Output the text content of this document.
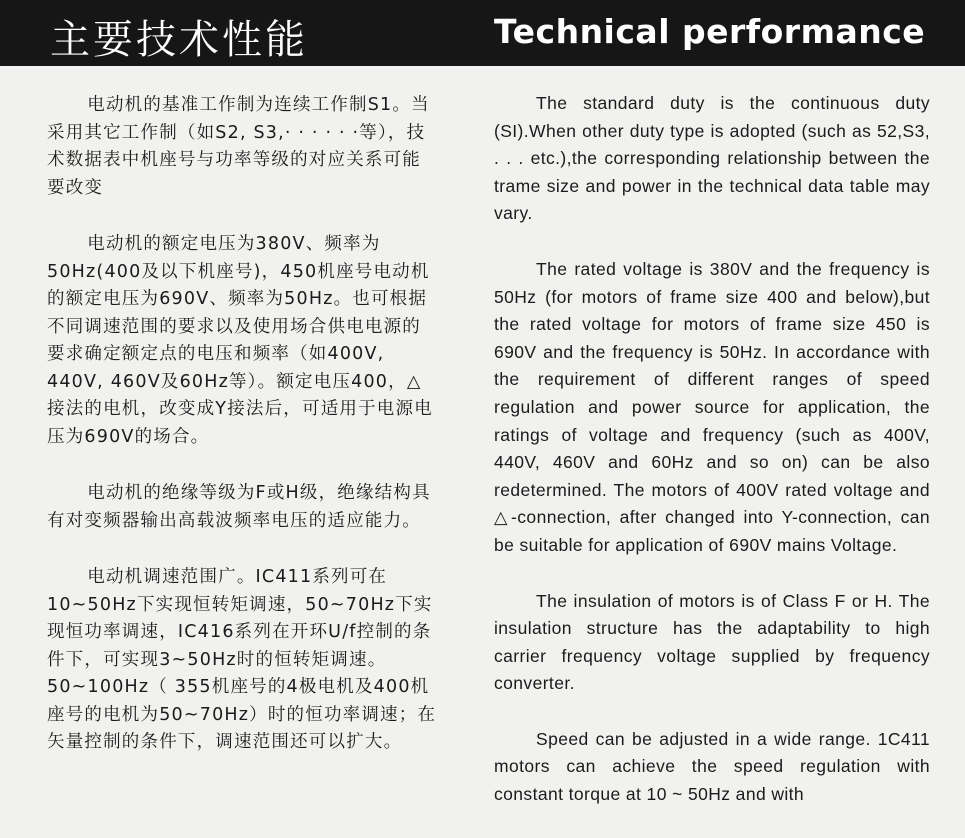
主要技术性能	Technical performance

电动机的基准工作制为连续工作制S1。当采用其它工作制（如S2, S3,· · · · · ·等），技术数据表中机座号与功率等级的对应关系可能要改变

电动机的额定电压为380V、频率为50Hz(400及以下机座号)，450机座号电动机的额定电压为690V、频率为50Hz。也可根据不同调速范围的要求以及使用场合供电电源的要求确定额定点的电压和频率（如400V, 440V, 460V及60Hz等）。额定电压400，△接法的电机，改变成Y接法后，可适用于电源电压为690V的场合。

电动机的绝缘等级为F或H级，绝缘结构具有对变频器输出高载波频率电压的适应能力。

电动机调速范围广。IC411系列可在10~50Hz下实现恒转矩调速，50~70Hz下实现恒功率调速，IC416系列在开环U/f控制的条件下，可实现3~50Hz时的恒转矩调速。50~100Hz（ 355机座号的4极电机及400机座号的电机为50~70Hz）时的恒功率调速；在矢量控制的条件下，调速范围还可以扩大。

The standard duty is the continuous duty (SI).When other duty type is adopted (such as 52,S3, . . . etc.),the corresponding relationship between the trame size and power in the technical data table may vary.

The rated voltage is 380V and the frequency is 50Hz (for motors of frame size 400 and below),but the rated voltage for motors of frame size 450 is 690V and the frequency is 50Hz. In accordance with the requirement of different ranges of speed regulation and power source for application, the ratings of voltage and frequency (such as 400V, 440V, 460V and 60Hz and so on) can be also redetermined. The motors of 400V rated voltage and △-connection, after changed into Y-connection, can be suitable for application of 690V mains Voltage.

The insulation of motors is of Class F or H. The insulation structure has the adaptability to high carrier frequency voltage supplied by frequency converter.

Speed can be adjusted in a wide range. 1C411 motors can achieve the speed regulation with constant torque at 10 ~ 50Hz and with
